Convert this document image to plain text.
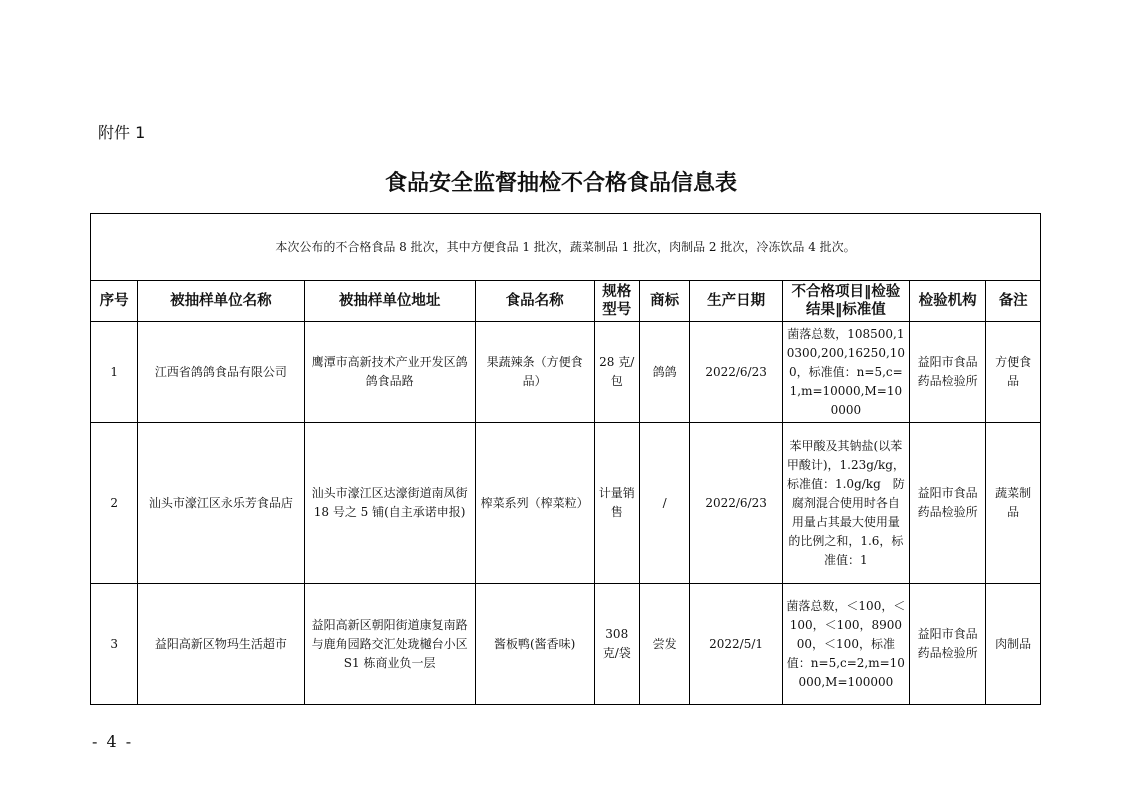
附件 1
食品安全监督抽检不合格食品信息表
本次公布的不合格食品 8 批次，其中方便食品 1 批次，蔬菜制品 1 批次，肉制品 2 批次，冷冻饮品 4 批次。									
序号	被抽样单位名称	被抽样单位地址	食品名称	规格型号	商标	生产日期	不合格项目‖检验结果‖标准值	检验机构	备注
1	江西省鸽鸽食品有限公司	鹰潭市高新技术产业开发区鸽鸽食品路	果蔬辣条（方便食品）	28 克/包	鸽鸽	2022/6/23	菌落总数，108500,10300,200,16250,100，标准值：n=5,c=1,m=10000,M=100000	益阳市食品药品检验所	方便食品
2	汕头市濠江区永乐芳食品店	汕头市濠江区达濠街道南凤街 18 号之 5 铺(自主承诺申报)	榨菜系列（榨菜粒）	计量销售	/	2022/6/23	苯甲酸及其钠盐(以苯甲酸计)，1.23g/kg，标准值：1.0g/kg　防腐剂混合使用时各自用量占其最大使用量的比例之和，1.6，标准值：1	益阳市食品药品检验所	蔬菜制品
3	益阳高新区物玛生活超市	益阳高新区朝阳街道康复南路与鹿角园路交汇处珑樾台小区 S1 栋商业负一层	酱板鸭(酱香味)	308 克/袋	尝发	2022/5/1	菌落总数，＜100，＜100，＜100，890000，＜100，标准值：n=5,c=2,m=10000,M=100000	益阳市食品药品检验所	肉制品
- 4 -
